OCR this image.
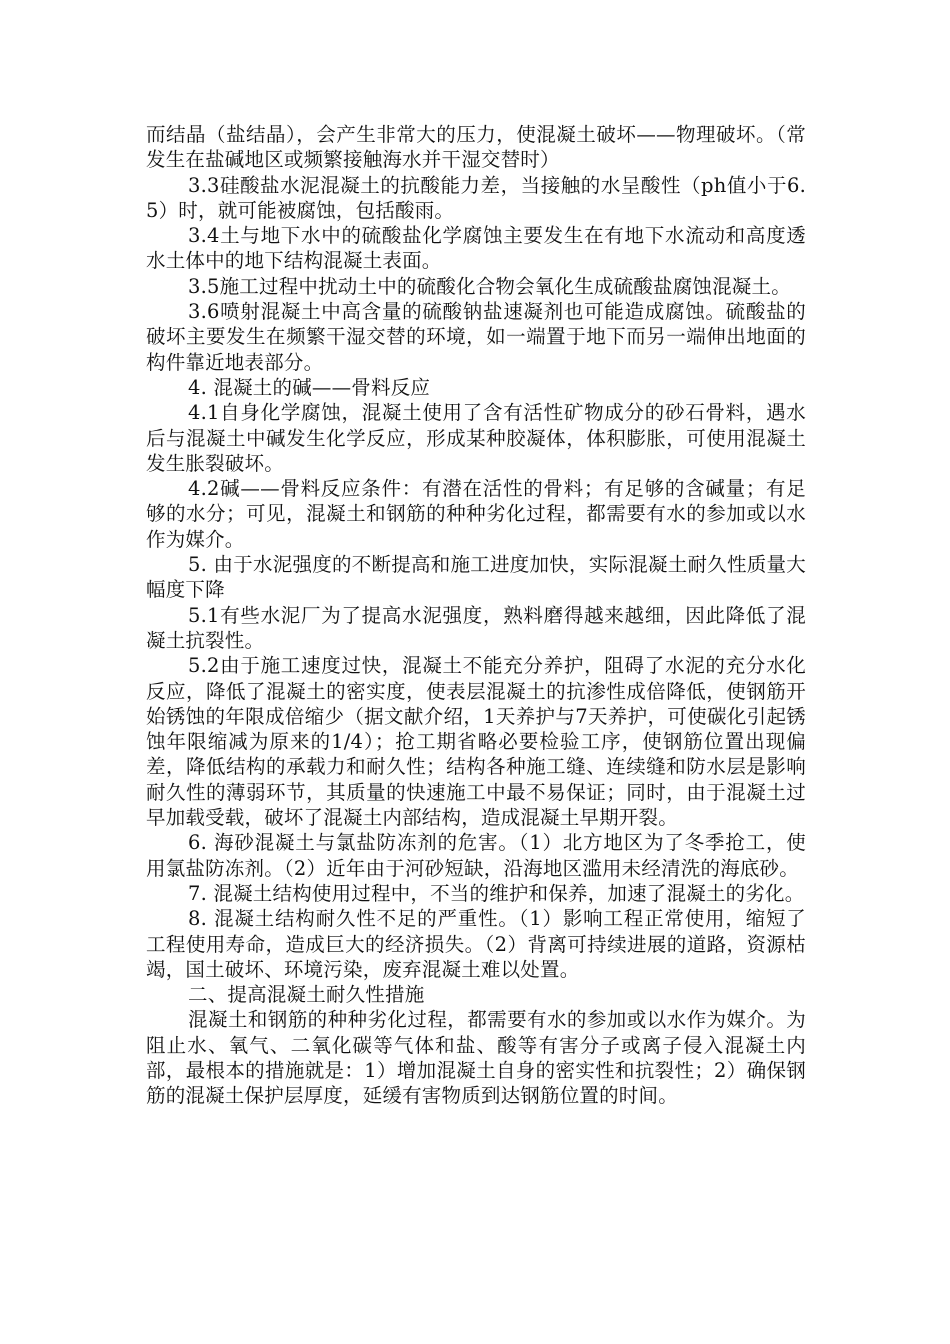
而结晶（盐结晶），会产生非常大的压力，使混凝土破坏——物理破坏。（常发生在盐碱地区或频繁接触海水并干湿交替时）

3.3硅酸盐水泥混凝土的抗酸能力差，当接触的水呈酸性（ph值小于6.5）时，就可能被腐蚀，包括酸雨。

3.4土与地下水中的硫酸盐化学腐蚀主要发生在有地下水流动和高度透水土体中的地下结构混凝土表面。

3.5施工过程中扰动土中的硫酸化合物会氧化生成硫酸盐腐蚀混凝土。

3.6喷射混凝土中高含量的硫酸钠盐速凝剂也可能造成腐蚀。硫酸盐的破坏主要发生在频繁干湿交替的环境，如一端置于地下而另一端伸出地面的构件靠近地表部分。

4. 混凝土的碱——骨料反应

4.1自身化学腐蚀，混凝土使用了含有活性矿物成分的砂石骨料，遇水后与混凝土中碱发生化学反应，形成某种胶凝体，体积膨胀，可使用混凝土发生胀裂破坏。

4.2碱——骨料反应条件：有潜在活性的骨料；有足够的含碱量；有足够的水分；可见，混凝土和钢筋的种种劣化过程，都需要有水的参加或以水作为媒介。

5. 由于水泥强度的不断提高和施工进度加快，实际混凝土耐久性质量大幅度下降

5.1有些水泥厂为了提高水泥强度，熟料磨得越来越细，因此降低了混凝土抗裂性。

5.2由于施工速度过快，混凝土不能充分养护，阻碍了水泥的充分水化反应，降低了混凝土的密实度，使表层混凝土的抗渗性成倍降低，使钢筋开始锈蚀的年限成倍缩少（据文献介绍，1天养护与7天养护，可使碳化引起锈蚀年限缩减为原来的1/4）；抢工期省略必要检验工序，使钢筋位置出现偏差，降低结构的承载力和耐久性；结构各种施工缝、连续缝和防水层是影响耐久性的薄弱环节，其质量的快速施工中最不易保证；同时，由于混凝土过早加载受载，破坏了混凝土内部结构，造成混凝土早期开裂。

6. 海砂混凝土与氯盐防冻剂的危害。（1）北方地区为了冬季抢工，使用氯盐防冻剂。（2）近年由于河砂短缺，沿海地区滥用未经清洗的海底砂。

7. 混凝土结构使用过程中，不当的维护和保养，加速了混凝土的劣化。

8. 混凝土结构耐久性不足的严重性。（1）影响工程正常使用，缩短了工程使用寿命，造成巨大的经济损失。（2）背离可持续进展的道路，资源枯竭，国土破坏、环境污染，废弃混凝土难以处置。

二、提高混凝土耐久性措施

混凝土和钢筋的种种劣化过程，都需要有水的参加或以水作为媒介。为阻止水、氧气、二氧化碳等气体和盐、酸等有害分子或离子侵入混凝土内部，最根本的措施就是：1）增加混凝土自身的密实性和抗裂性；2）确保钢筋的混凝土保护层厚度，延缓有害物质到达钢筋位置的时间。
